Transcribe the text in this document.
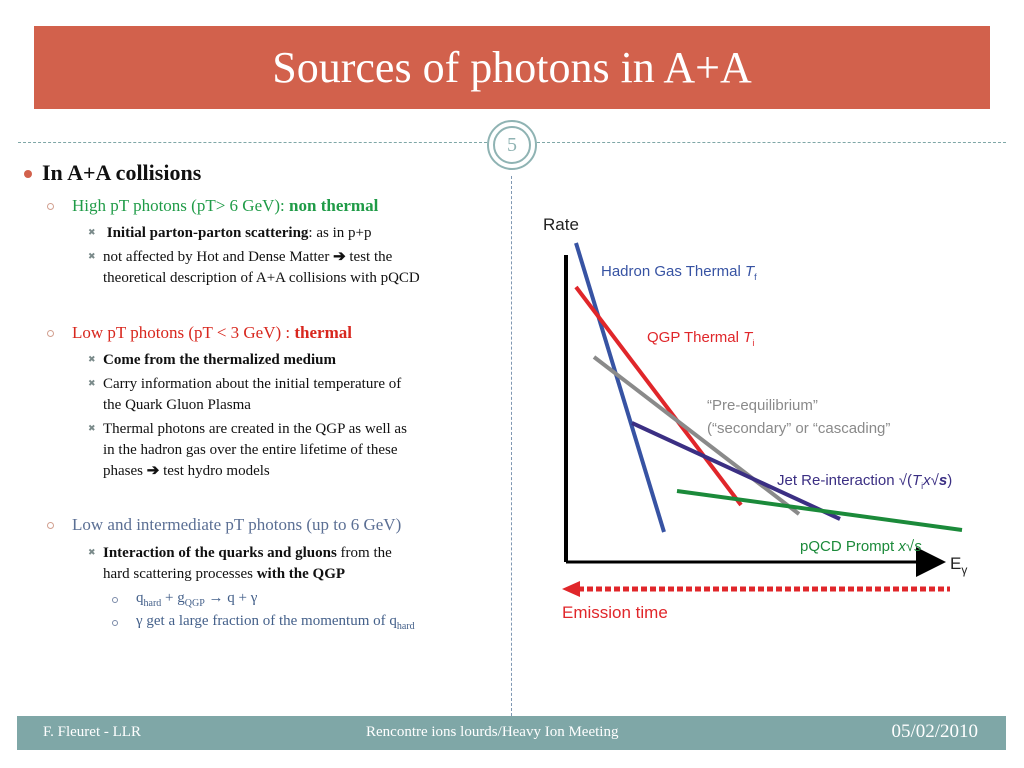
Sources of photons in A+A
5
In A+A collisions
High pT photons (pT> 6 GeV): non thermal
✖ Initial parton-parton scattering: as in p+p
✖ not affected by Hot and Dense Matter ➔ test the
theoretical description of A+A collisions with pQCD
Low pT photons (pT < 3 GeV) : thermal
✖ Come from the thermalized medium
✖ Carry information about the initial temperature of
the Quark Gluon Plasma
✖ Thermal photons are created in the QGP as well as
in the hadron gas over the entire lifetime of these
phases ➔ test hydro models
Low and intermediate pT photons (up to 6 GeV)
✖ Interaction of the quarks and gluons from the
hard scattering processes with the QGP
$q_{hard} + g_{QGP} \to q + \gamma$
γ get a large fraction of the momentum of $q_{hard}$
Rate
$E_\gamma$
Hadron Gas Thermal $T_f$
QGP Thermal $T_i$
“Pre-equilibrium”
(“secondary” or “cascading”
Jet Re-interaction $√(T_ix√s)$
pQCD Prompt x√s
Emission time
F. Fleuret - LLR	Rencontre ions lourds/Heavy Ion Meeting	05/02/2010
